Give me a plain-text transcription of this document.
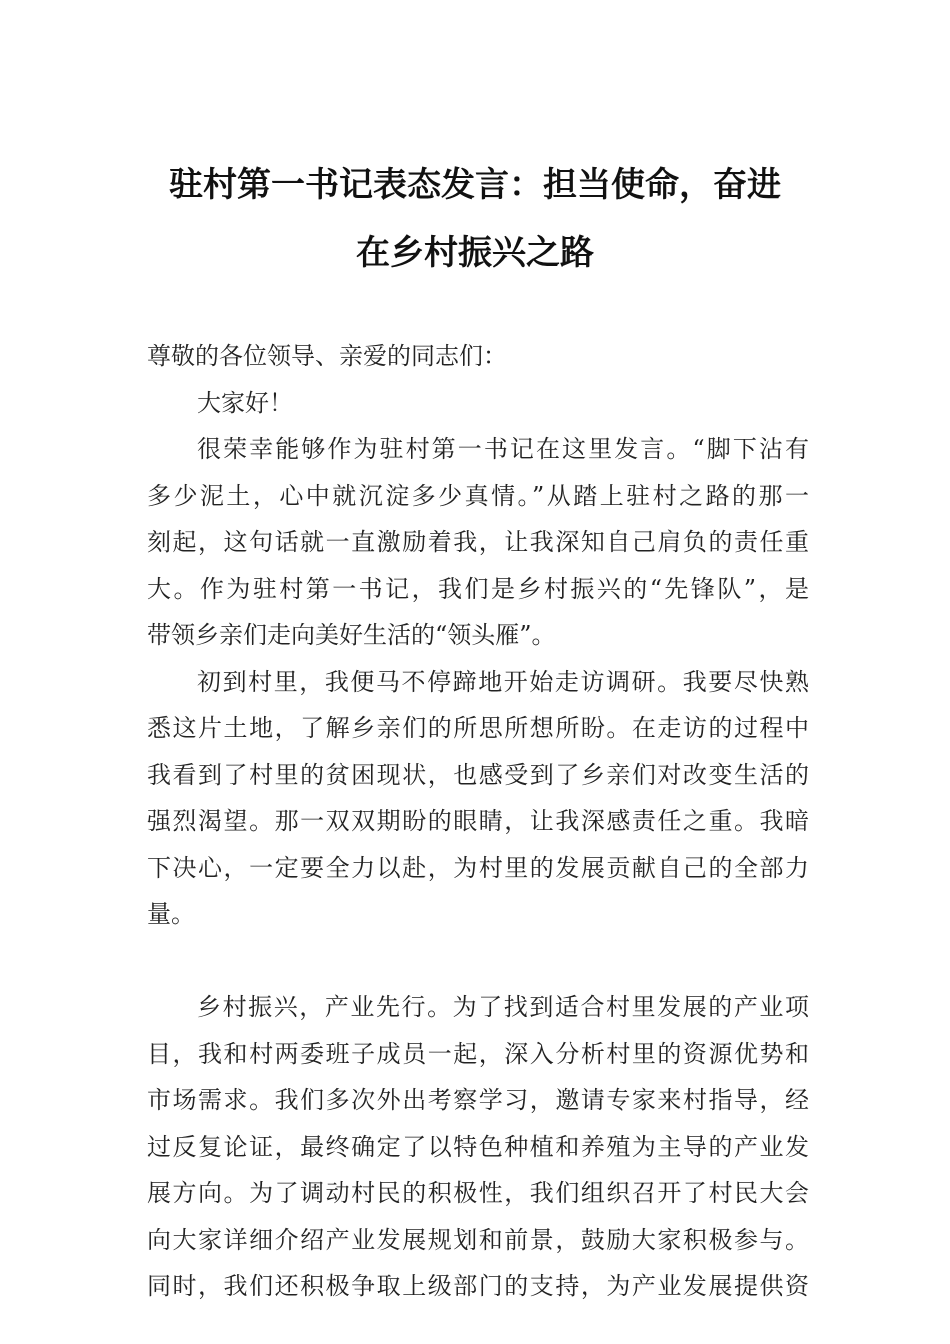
驻村第一书记表态发言：担当使命，奋进
在乡村振兴之路
尊敬的各位领导、亲爱的同志们：
大家好！
很荣幸能够作为驻村第一书记在这里发言。“脚下沾有
多少泥土，心中就沉淀多少真情。”从踏上驻村之路的那一
刻起，这句话就一直激励着我，让我深知自己肩负的责任重
大。作为驻村第一书记，我们是乡村振兴的“先锋队”，是
带领乡亲们走向美好生活的“领头雁”。
初到村里，我便马不停蹄地开始走访调研。我要尽快熟
悉这片土地，了解乡亲们的所思所想所盼。在走访的过程中
我看到了村里的贫困现状，也感受到了乡亲们对改变生活的
强烈渴望。那一双双期盼的眼睛，让我深感责任之重。我暗
下决心，一定要全力以赴，为村里的发展贡献自己的全部力
量。
乡村振兴，产业先行。为了找到适合村里发展的产业项
目，我和村两委班子成员一起，深入分析村里的资源优势和
市场需求。我们多次外出考察学习，邀请专家来村指导，经
过反复论证，最终确定了以特色种植和养殖为主导的产业发
展方向。为了调动村民的积极性，我们组织召开了村民大会
向大家详细介绍产业发展规划和前景，鼓励大家积极参与。
同时，我们还积极争取上级部门的支持，为产业发展提供资
